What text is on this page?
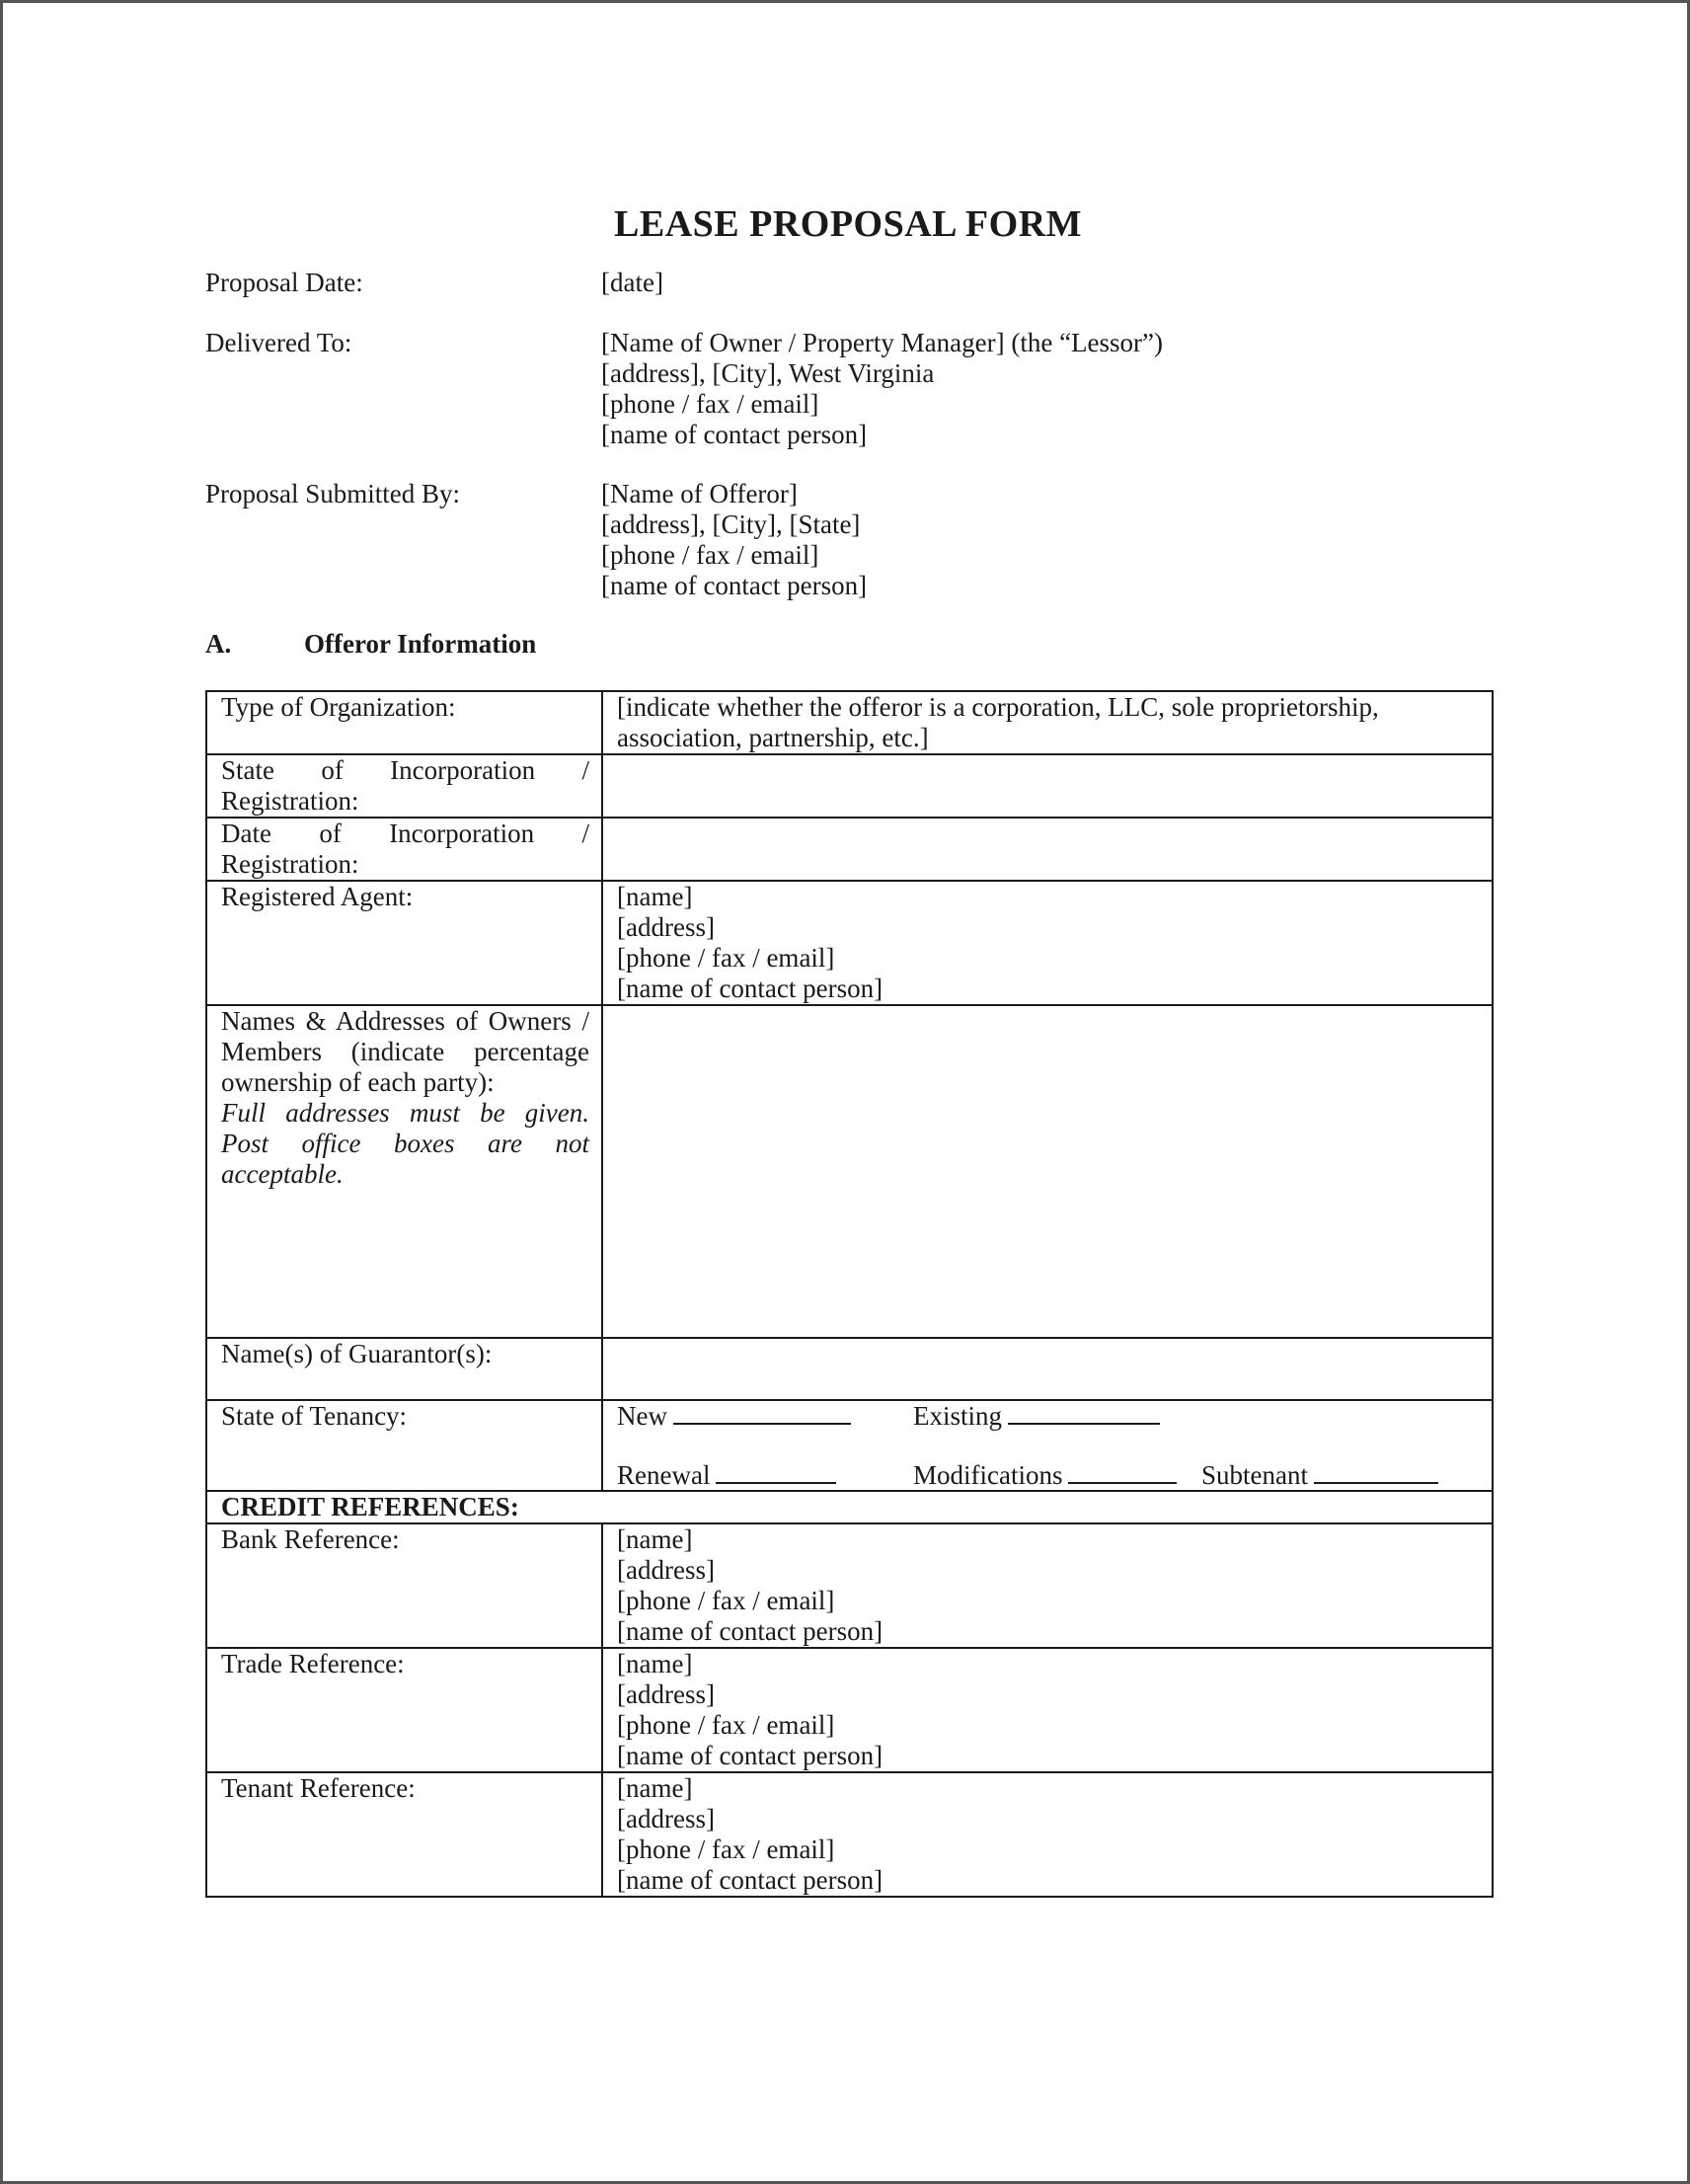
LEASE PROPOSAL FORM
Proposal Date:	[date]
Delivered To:	[Name of Owner / Property Manager] (the “Lessor”)
[address], [City], West Virginia
[phone / fax / email]
[name of contact person]
Proposal Submitted By:	[Name of Offeror]
[address], [City], [State]
[phone / fax / email]
[name of contact person]
A.	Offeror Information
Type of Organization:	[indicate whether the offeror is a corporation, LLC, sole proprietorship, association, partnership, etc.]

State of Incorporation /
Registration:	

Date of Incorporation /
Registration:	

Registered Agent:	[name]
[address]
[phone / fax / email]
[name of contact person]

Names & Addresses of Owners / Members (indicate percentage ownership of each party):
Full addresses must be given. Post office boxes are not acceptable.	

Name(s) of Guarantor(s):	
State of Tenancy:	New Existing
Renewal Modifications Subtenant

CREDIT REFERENCES:	
Bank Reference:	[name]
[address]
[phone / fax / email]
[name of contact person]

Trade Reference:	[name]
[address]
[phone / fax / email]
[name of contact person]

Tenant Reference:	[name]
[address]
[phone / fax / email]
[name of contact person]
